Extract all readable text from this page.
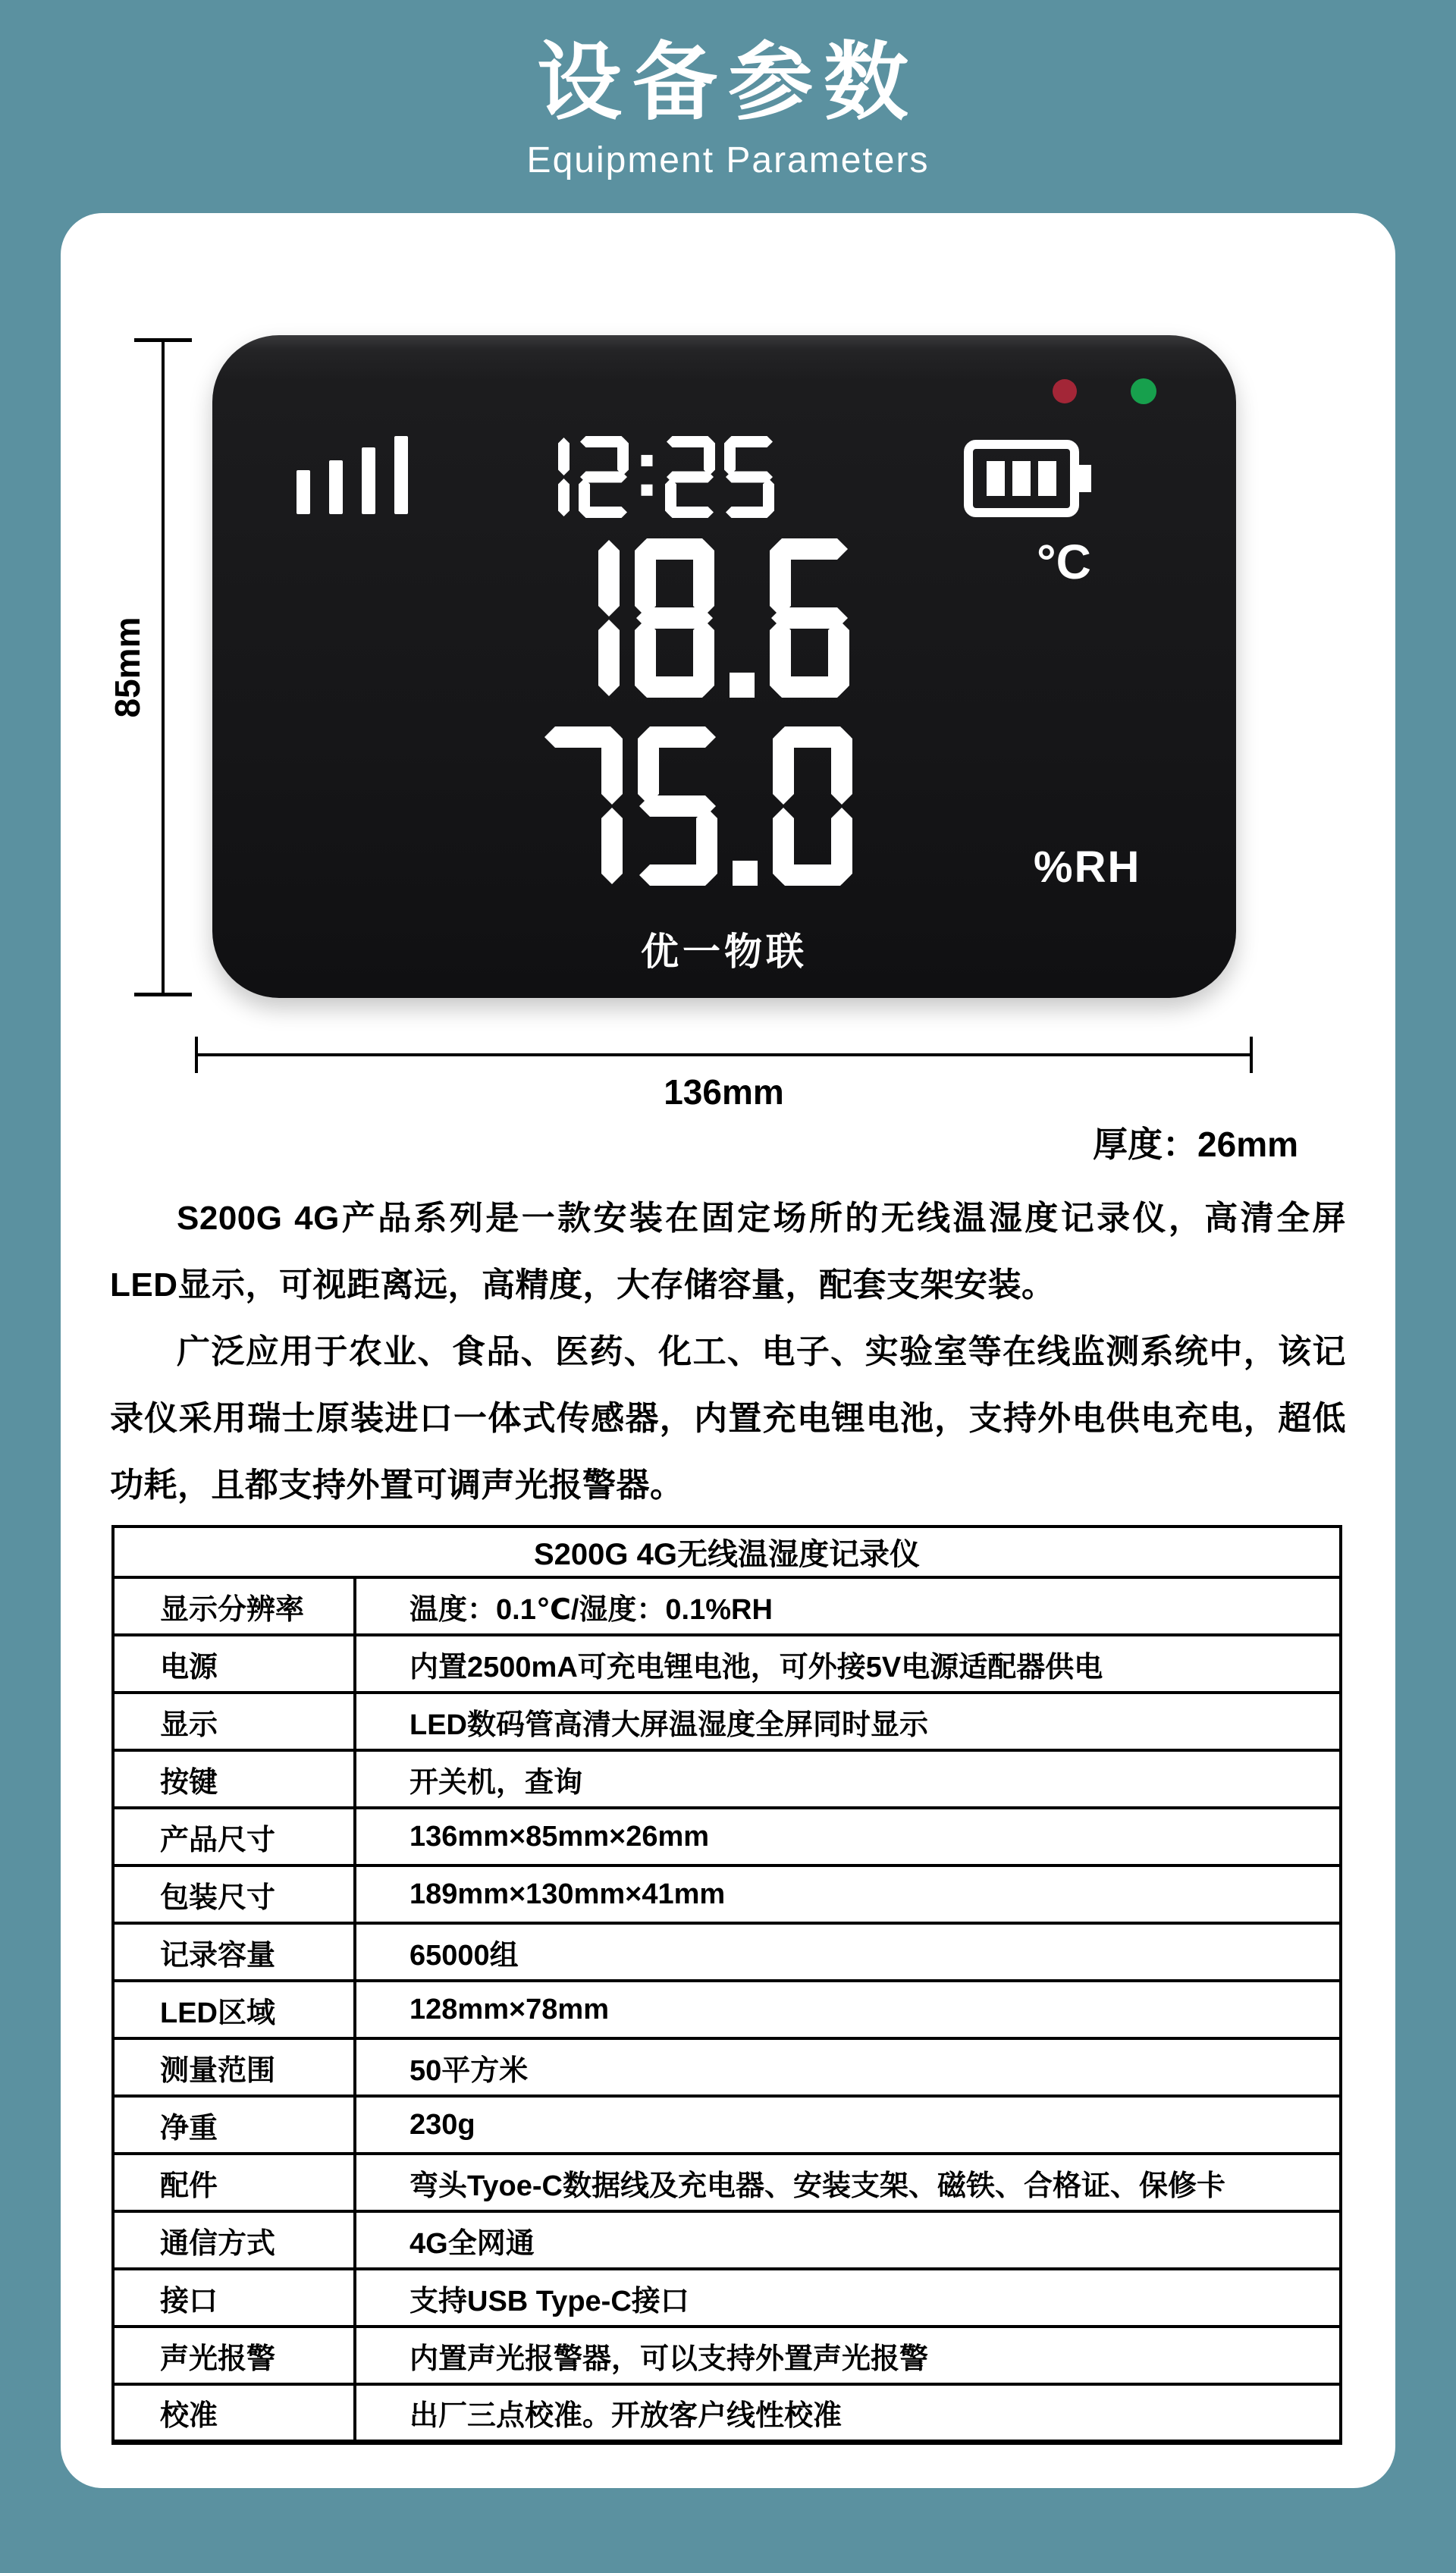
设备参数
Equipment Parameters
°C
%RH
优一物联
85mm
136mm
厚度：26mm

S200G 4G产品系列是一款安装在固定场所的无线温湿度记录仪，高清全屏LED显示，可视距离远，高精度，大存储容量，配套支架安装。

广泛应用于农业、食品、医药、化工、电子、实验室等在线监测系统中，该记录仪采用瑞士原装进口一体式传感器，内置充电锂电池，支持外电供电充电，超低功耗，且都支持外置可调声光报警器。

S200G 4G无线温湿度记录仪	
显示分辨率	温度：0.1℃/湿度：0.1%RH
电源	内置2500mA可充电锂电池，可外接5V电源适配器供电
显示	LED数码管高清大屏温湿度全屏同时显示
按键	开关机，查询
产品尺寸	136mm×85mm×26mm
包装尺寸	189mm×130mm×41mm
记录容量	65000组
LED区域	128mm×78mm
测量范围	50平方米
净重	230g
配件	弯头Tyoe-C数据线及充电器、安装支架、磁铁、合格证、保修卡
通信方式	4G全网通
接口	支持USB Type-C接口
声光报警	内置声光报警器，可以支持外置声光报警
校准	出厂三点校准。开放客户线性校准
